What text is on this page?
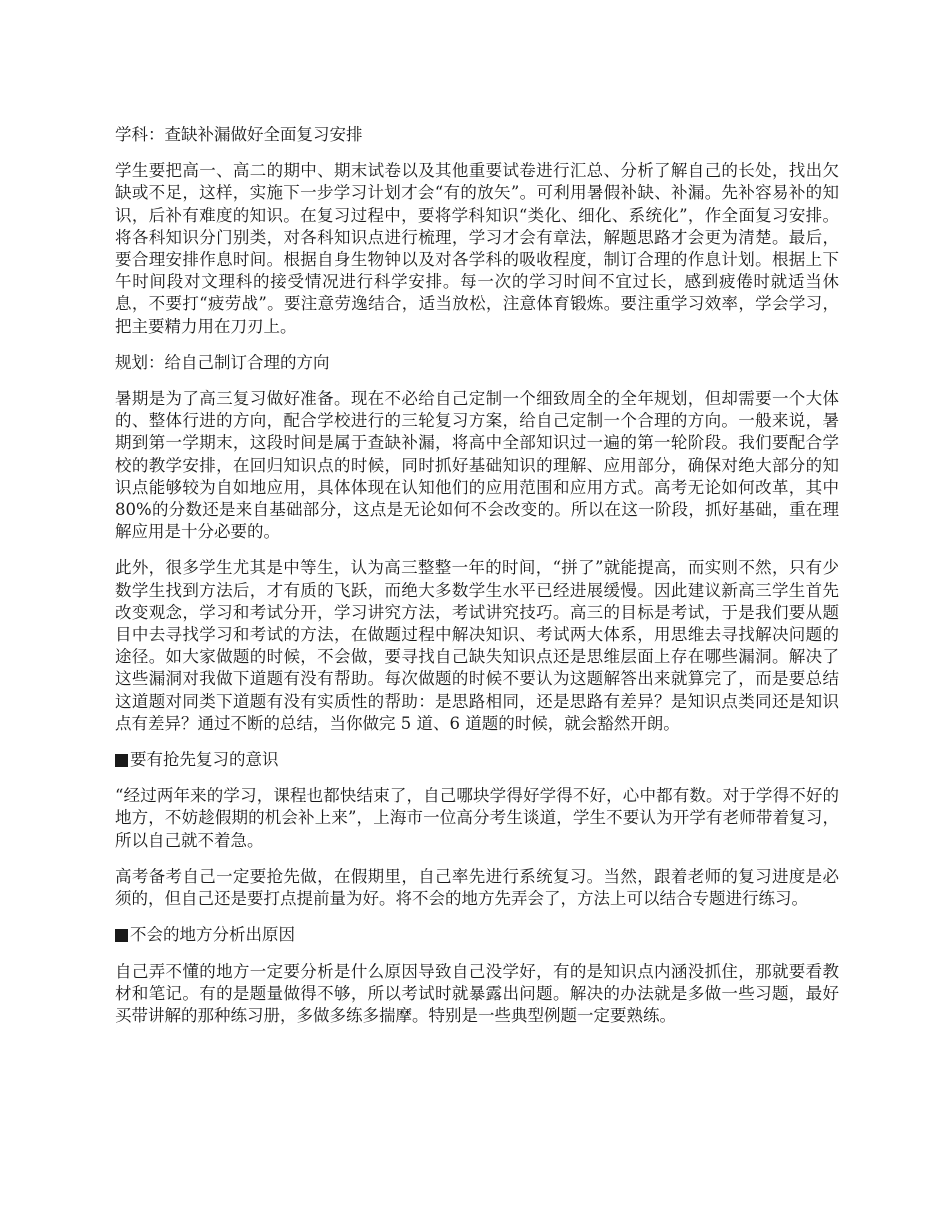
学科：查缺补漏做好全面复习安排

学生要把高一、高二的期中、期末试卷以及其他重要试卷进行汇总、分析了解自己的长处，找出欠缺或不足，这样，实施下一步学习计划才会“有的放矢”。可利用暑假补缺、补漏。先补容易补的知识，后补有难度的知识。在复习过程中，要将学科知识“类化、细化、系统化”，作全面复习安排。将各科知识分门别类，对各科知识点进行梳理，学习才会有章法，解题思路才会更为清楚。最后，要合理安排作息时间。根据自身生物钟以及对各学科的吸收程度，制订合理的作息计划。根据上下午时间段对文理科的接受情况进行科学安排。每一次的学习时间不宜过长，感到疲倦时就适当休息，不要打“疲劳战”。要注意劳逸结合，适当放松，注意体育锻炼。要注重学习效率，学会学习，把主要精力用在刀刃上。

规划：给自己制订合理的方向

暑期是为了高三复习做好准备。现在不必给自己定制一个细致周全的全年规划，但却需要一个大体的、整体行进的方向，配合学校进行的三轮复习方案，给自己定制一个合理的方向。一般来说，暑期到第一学期末，这段时间是属于查缺补漏，将高中全部知识过一遍的第一轮阶段。我们要配合学校的教学安排，在回归知识点的时候，同时抓好基础知识的理解、应用部分，确保对绝大部分的知识点能够较为自如地应用，具体体现在认知他们的应用范围和应用方式。高考无论如何改革，其中80%的分数还是来自基础部分，这点是无论如何不会改变的。所以在这一阶段，抓好基础，重在理解应用是十分必要的。

此外，很多学生尤其是中等生，认为高三整整一年的时间，“拼了”就能提高，而实则不然，只有少数学生找到方法后，才有质的飞跃，而绝大多数学生水平已经进展缓慢。因此建议新高三学生首先改变观念，学习和考试分开，学习讲究方法，考试讲究技巧。高三的目标是考试，于是我们要从题目中去寻找学习和考试的方法，在做题过程中解决知识、考试两大体系，用思维去寻找解决问题的途径。如大家做题的时候，不会做，要寻找自己缺失知识点还是思维层面上存在哪些漏洞。解决了这些漏洞对我做下道题有没有帮助。每次做题的时候不要认为这题解答出来就算完了，而是要总结这道题对同类下道题有没有实质性的帮助：是思路相同，还是思路有差异？是知识点类同还是知识点有差异？通过不断的总结，当你做完 5 道、6 道题的时候，就会豁然开朗。

要有抢先复习的意识

“经过两年来的学习，课程也都快结束了，自己哪块学得好学得不好，心中都有数。对于学得不好的地方，不妨趁假期的机会补上来”，上海市一位高分考生谈道，学生不要认为开学有老师带着复习，所以自己就不着急。

高考备考自己一定要抢先做，在假期里，自己率先进行系统复习。当然，跟着老师的复习进度是必须的，但自己还是要打点提前量为好。将不会的地方先弄会了，方法上可以结合专题进行练习。

不会的地方分析出原因

自己弄不懂的地方一定要分析是什么原因导致自己没学好，有的是知识点内涵没抓住，那就要看教材和笔记。有的是题量做得不够，所以考试时就暴露出问题。解决的办法就是多做一些习题，最好买带讲解的那种练习册，多做多练多揣摩。特别是一些典型例题一定要熟练。
